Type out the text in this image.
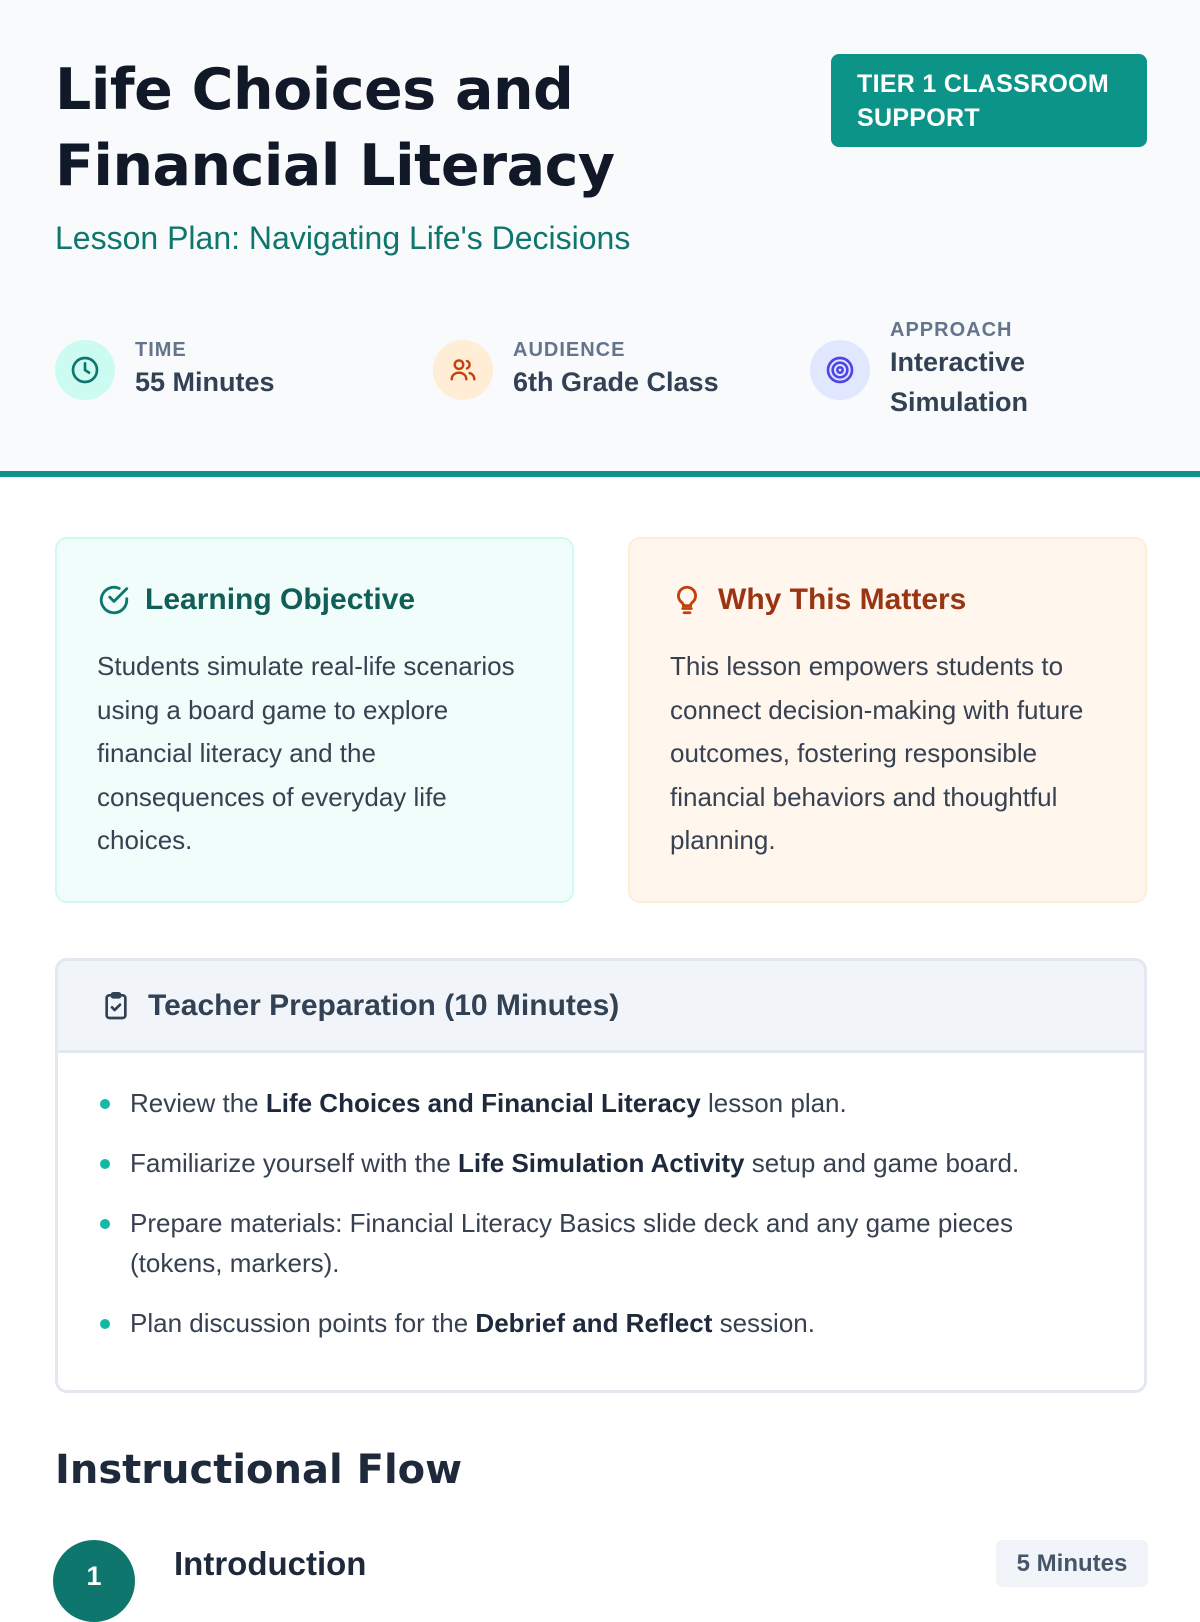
Life Choices and Financial Literacy
TIER 1 CLASSROOM SUPPORT
Lesson Plan: Navigating Life's Decisions
TIME
55 Minutes
AUDIENCE
6th Grade Class
APPROACH
Interactive Simulation
Learning Objective

Students simulate real-life scenarios using a board game to explore financial literacy and the consequences of everyday life choices.

Why This Matters

This lesson empowers students to connect decision-making with future outcomes, fostering responsible financial behaviors and thoughtful planning.

Teacher Preparation (10 Minutes)
Review the Life Choices and Financial Literacy lesson plan.
Familiarize yourself with the Life Simulation Activity setup and game board.
Prepare materials: Financial Literacy Basics slide deck and any game pieces (tokens, markers).
Plan discussion points for the Debrief and Reflect session.
Instructional Flow
1	Introduction	5 Minutes
